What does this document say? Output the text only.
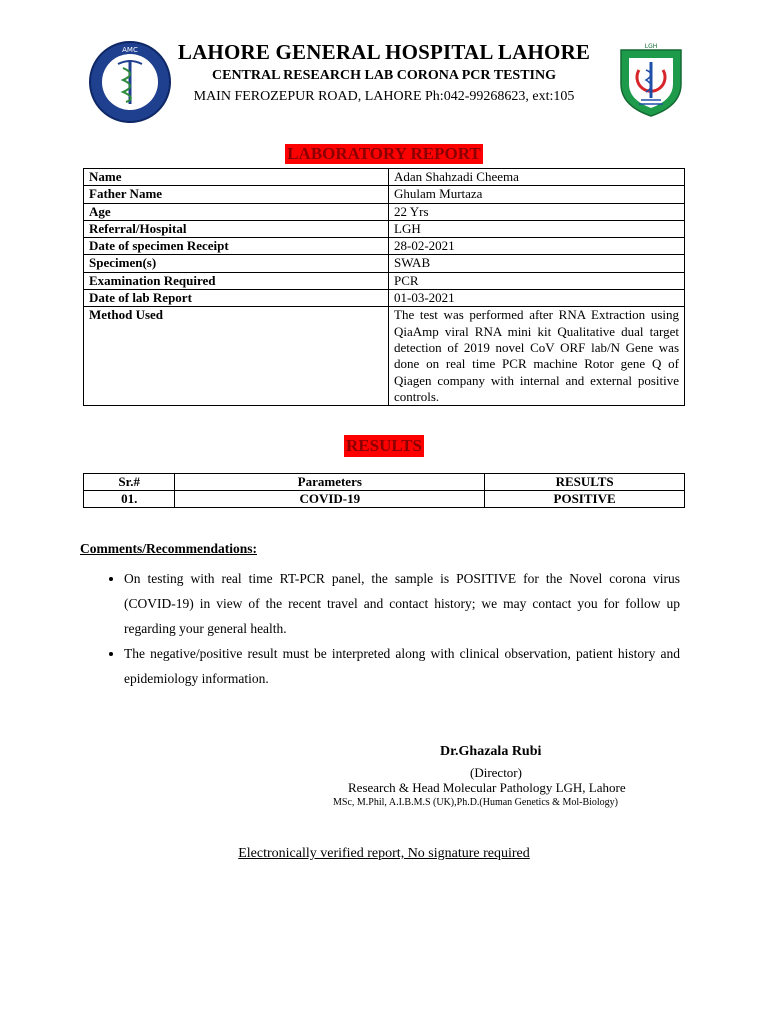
AMC	LGH
LAHORE GENERAL HOSPITAL LAHORE
CENTRAL RESEARCH LAB CORONA PCR TESTING
MAIN FEROZEPUR ROAD, LAHORE Ph:042-99268623, ext:105
LABORATORY REPORT
Name	Adan Shahzadi Cheema
Father Name	Ghulam Murtaza
Age	22 Yrs
Referral/Hospital	LGH
Date of specimen Receipt	28-02-2021
Specimen(s)	SWAB
Examination Required	PCR
Date of lab Report	01-03-2021
Method Used	The test was performed after RNA Extraction using QiaAmp viral RNA mini kit Qualitative dual target detection of 2019 novel CoV ORF lab/N Gene was done on real time PCR machine Rotor gene Q of Qiagen company with internal and external positive controls.
RESULTS
Sr.#	Parameters	RESULTS
01.	COVID-19	POSITIVE
Comments/Recommendations:
• On testing with real time RT-PCR panel, the sample is POSITIVE for the Novel corona virus (COVID-19) in view of the recent travel and contact history; we may contact you for follow up regarding your general health.
• The negative/positive result must be interpreted along with clinical observation, patient history and epidemiology information.
Dr.Ghazala Rubi
(Director)
Research & Head Molecular Pathology LGH, Lahore
MSc, M.Phil, A.I.B.M.S (UK),Ph.D.(Human Genetics & Mol-Biology)
Electronically verified report, No signature required
